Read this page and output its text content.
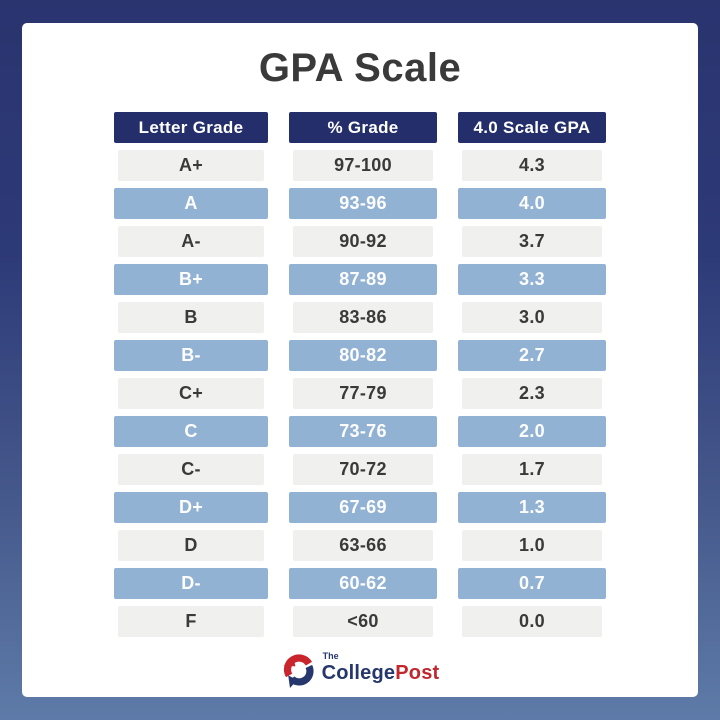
GPA Scale
Letter Grade	% Grade	4.0 Scale GPA
A+	97-100	4.3
A	93-96	4.0
A-	90-92	3.7
B+	87-89	3.3
B	83-86	3.0
B-	80-82	2.7
C+	77-79	2.3
C	73-76	2.0
C-	70-72	1.7
D+	67-69	1.3
D	63-66	1.0
D-	60-62	0.7
F	<60	0.0
The
CollegePost
